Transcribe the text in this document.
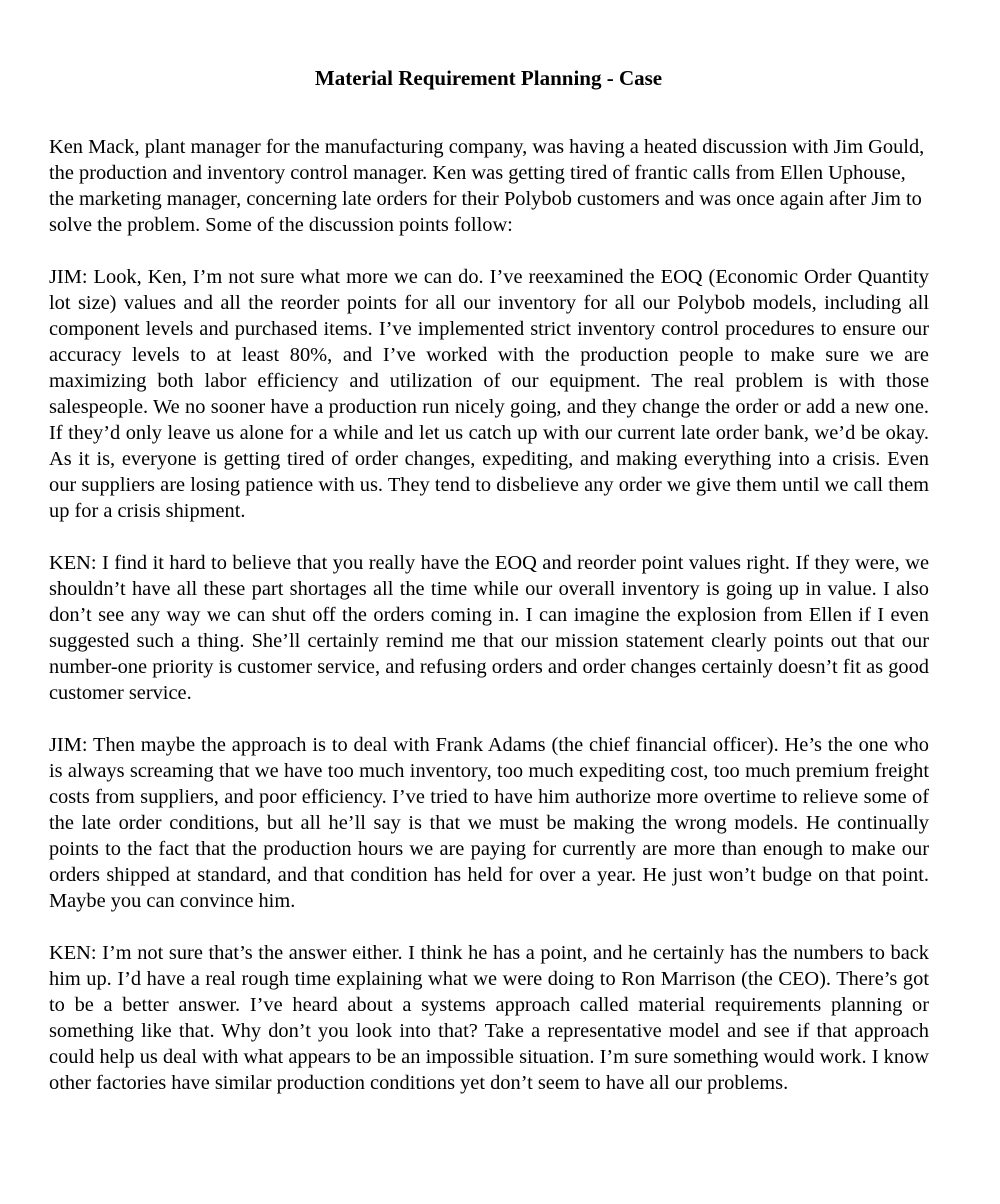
Material Requirement Planning - Case

Ken Mack, plant manager for the manufacturing company, was having a heated discussion with Jim Gould, the production and inventory control manager. Ken was getting tired of frantic calls from Ellen Uphouse, the marketing manager, concerning late orders for their Polybob customers and was once again after Jim to solve the problem. Some of the discussion points follow:

JIM: Look, Ken, I’m not sure what more we can do. I’ve reexamined the EOQ (Economic Order Quantity lot size) values and all the reorder points for all our inventory for all our Polybob models, including all component levels and purchased items. I’ve implemented strict inventory control procedures to ensure our accuracy levels to at least 80%, and I’ve worked with the production people to make sure we are maximizing both labor efficiency and utilization of our equipment. The real problem is with those salespeople. We no sooner have a production run nicely going, and they change the order or add a new one. If they’d only leave us alone for a while and let us catch up with our current late order bank, we’d be okay. As it is, everyone is getting tired of order changes, expediting, and making everything into a crisis. Even our suppliers are losing patience with us. They tend to disbelieve any order we give them until we call them up for a crisis shipment.

KEN: I find it hard to believe that you really have the EOQ and reorder point values right. If they were, we shouldn’t have all these part shortages all the time while our overall inventory is going up in value. I also don’t see any way we can shut off the orders coming in. I can imagine the explosion from Ellen if I even suggested such a thing. She’ll certainly remind me that our mission statement clearly points out that our number-one priority is customer service, and refusing orders and order changes certainly doesn’t fit as good customer service.

JIM: Then maybe the approach is to deal with Frank Adams (the chief financial officer). He’s the one who is always screaming that we have too much inventory, too much expediting cost, too much premium freight costs from suppliers, and poor efficiency. I’ve tried to have him authorize more overtime to relieve some of the late order conditions, but all he’ll say is that we must be making the wrong models. He continually points to the fact that the production hours we are paying for currently are more than enough to make our orders shipped at standard, and that condition has held for over a year. He just won’t budge on that point. Maybe you can convince him.

KEN: I’m not sure that’s the answer either. I think he has a point, and he certainly has the numbers to back him up. I’d have a real rough time explaining what we were doing to Ron Marrison (the CEO). There’s got to be a better answer. I’ve heard about a systems approach called material requirements planning or something like that. Why don’t you look into that? Take a representative model and see if that approach could help us deal with what appears to be an impossible situation. I’m sure something would work. I know other factories have similar production conditions yet don’t seem to have all our problems.
